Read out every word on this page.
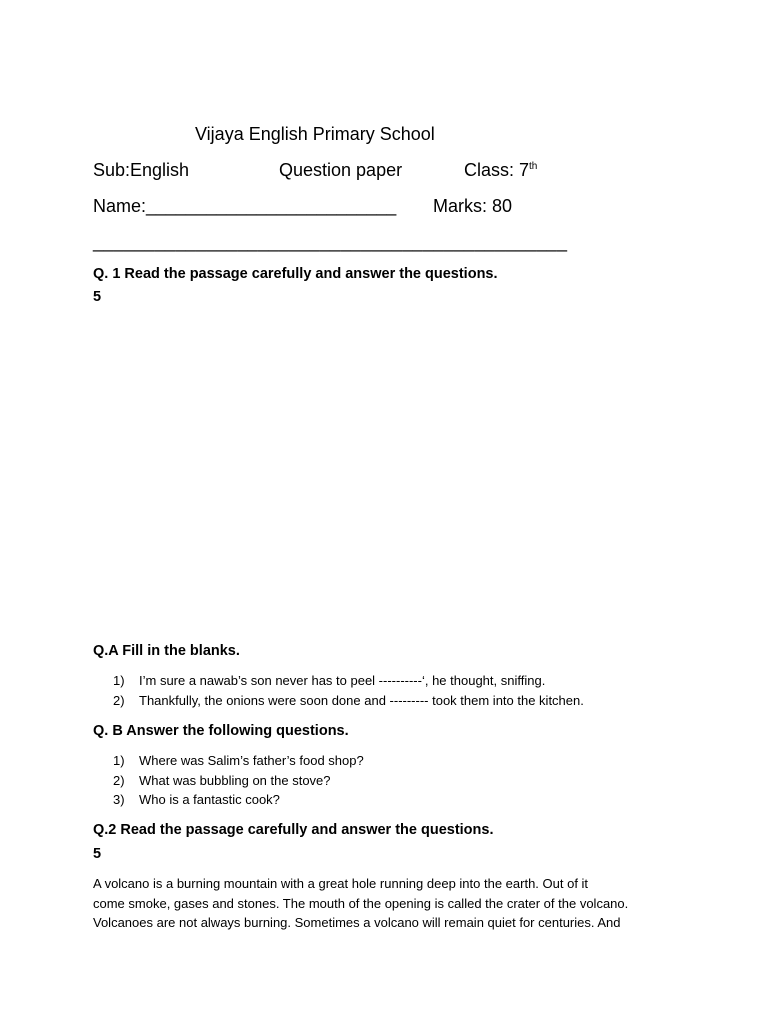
Vijaya English Primary School
Sub:English	Question paper	Class: 7th
Name:_________________________ Marks: 80
______________________________________________
Q. 1 Read the passage carefully and answer the questions.
5
Q.A Fill in the blanks.
1) I’m sure a nawab’s son never has to peel ----------‘, he thought, sniffing.
2) Thankfully, the onions were soon done and --------- took them into the kitchen.
Q. B Answer the following questions.
1) Where was Salim’s father’s food shop?
2) What was bubbling on the stove?
3) Who is a fantastic cook?
Q.2 Read the passage carefully and answer the questions.
5
A volcano is a burning mountain with a great hole running deep into the earth. Out of it
come smoke, gases and stones. The mouth of the opening is called the crater of the volcano.
Volcanoes are not always burning. Sometimes a volcano will remain quiet for centuries. And
